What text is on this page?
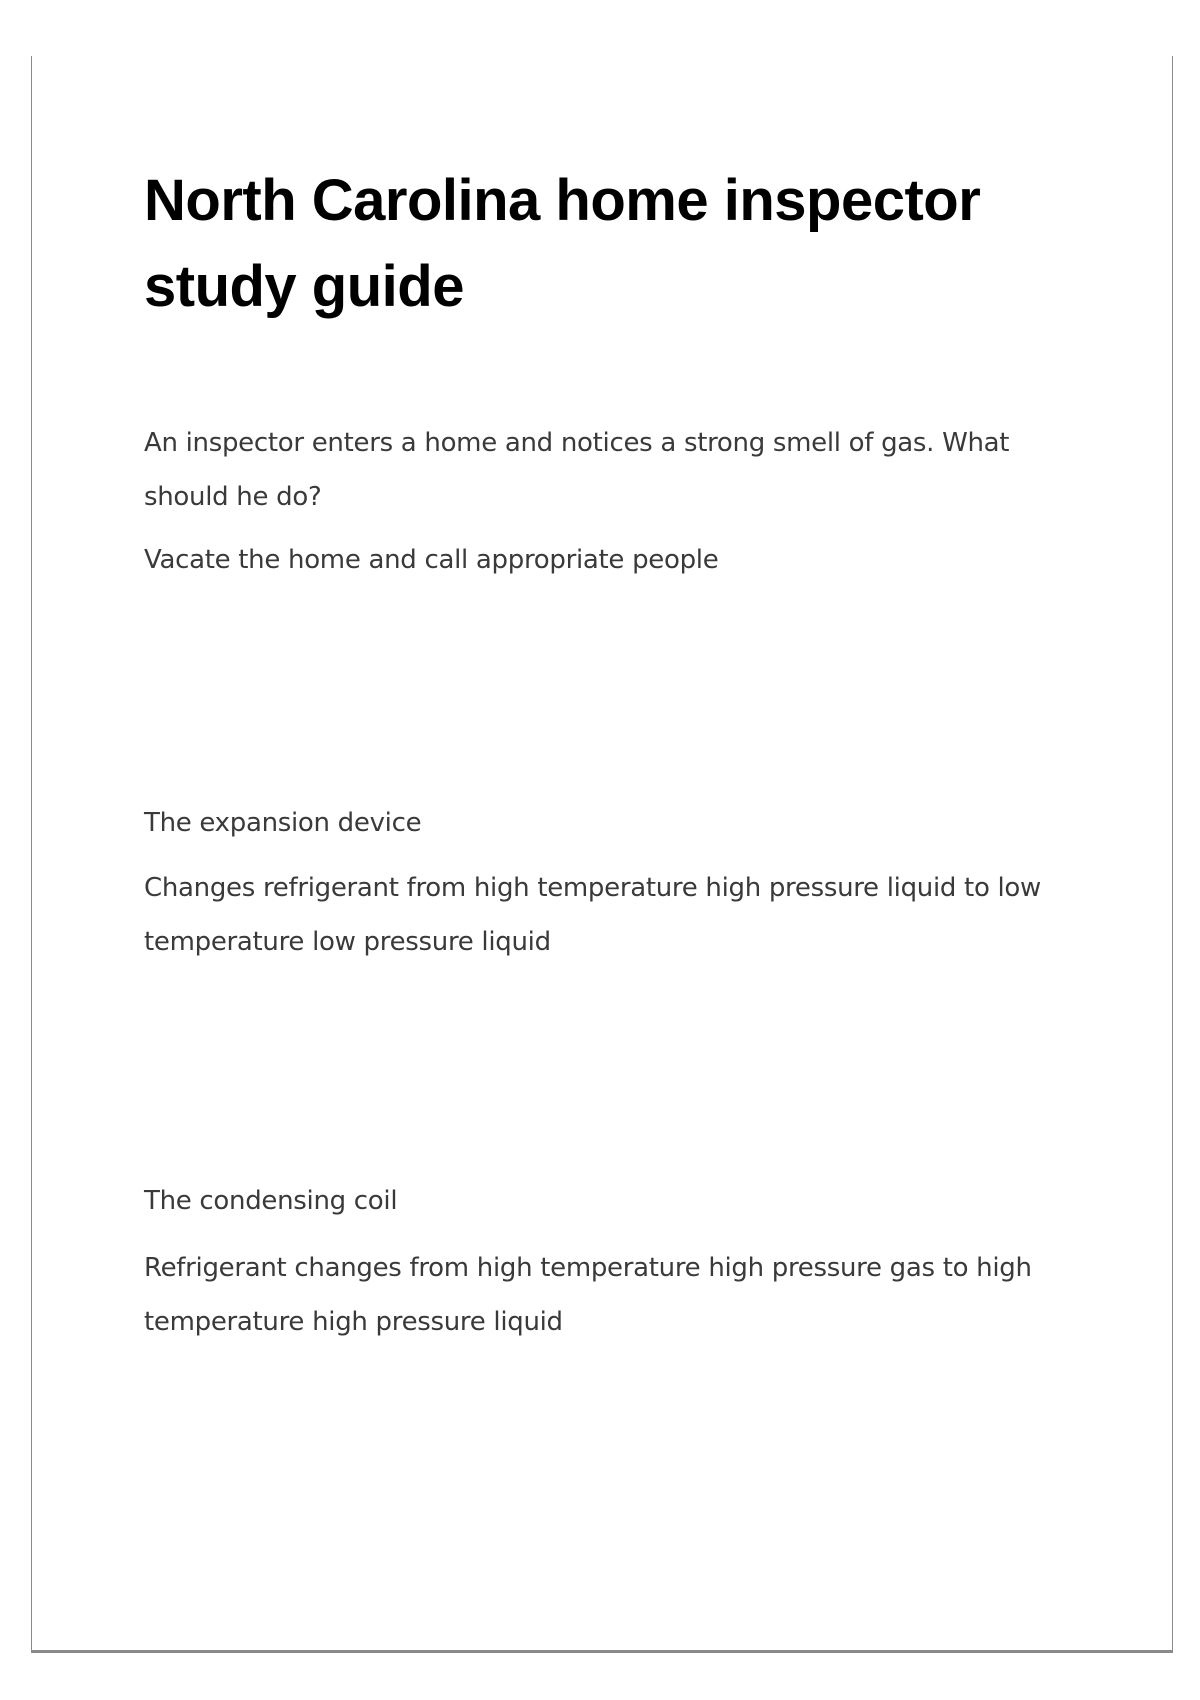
North Carolina home inspector study guide

An inspector enters a home and notices a strong smell of gas. What should he do?

Vacate the home and call appropriate people

The expansion device

Changes refrigerant from high temperature high pressure liquid to low temperature low pressure liquid

The condensing coil

Refrigerant changes from high temperature high pressure gas to high temperature high pressure liquid
